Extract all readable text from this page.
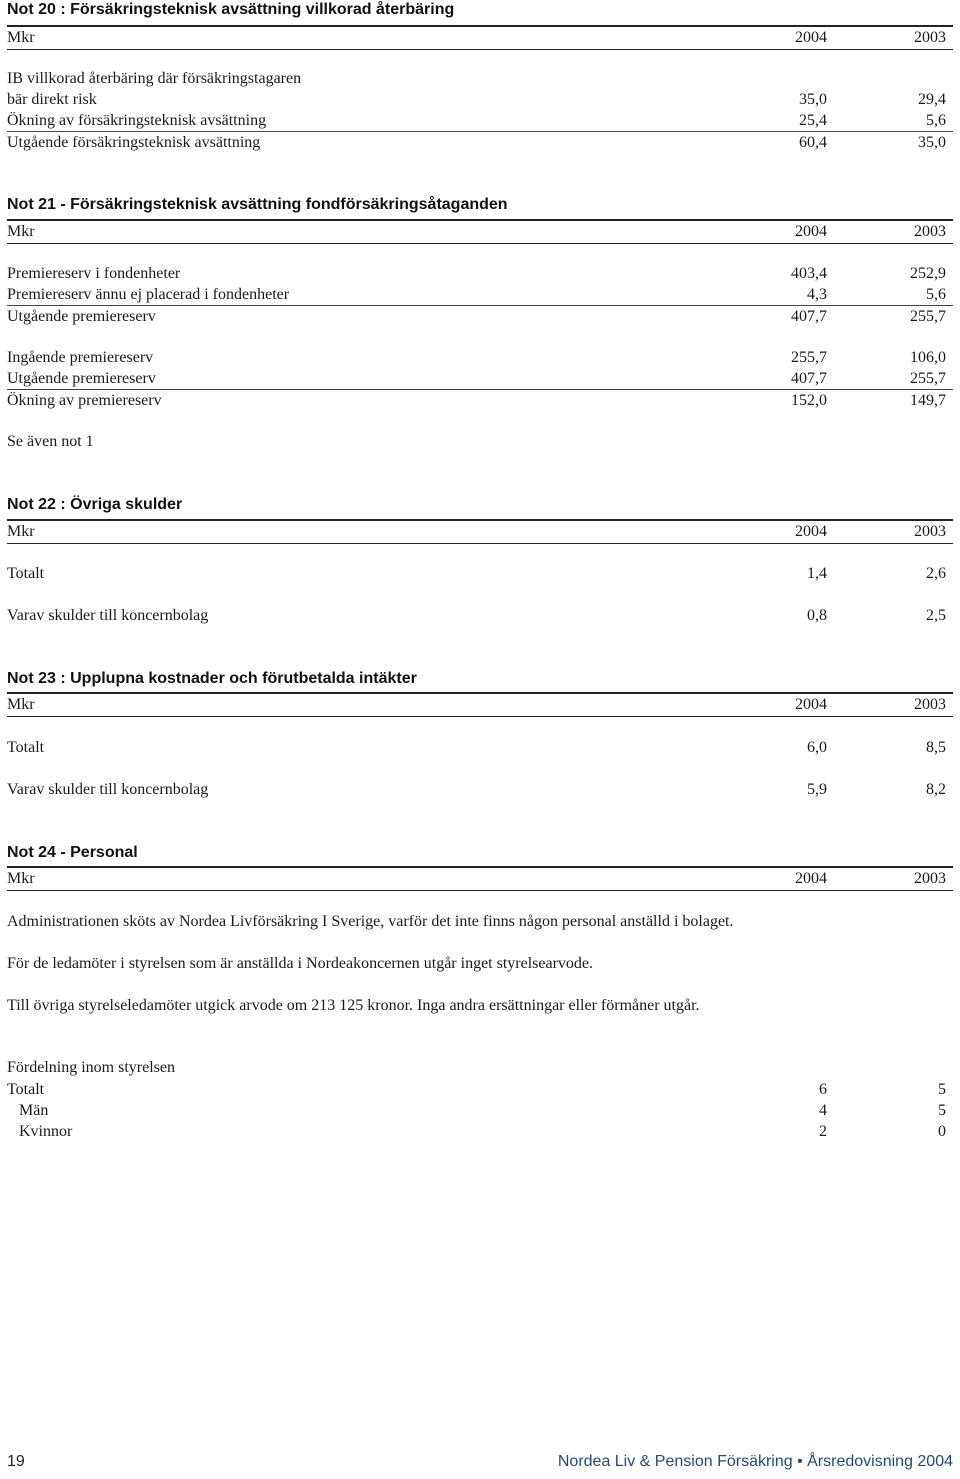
Not 20 : Försäkringsteknisk avsättning villkorad återbäring
Mkr	2004	2003
IB villkorad återbäring där försäkringstagaren
bär direkt risk	35,0	29,4
Ökning av försäkringsteknisk avsättning	25,4	5,6
Utgående försäkringsteknisk avsättning	60,4	35,0
Not 21 - Försäkringsteknisk avsättning fondförsäkringsåtaganden
Mkr	2004	2003
Premiereserv i fondenheter	403,4	252,9
Premiereserv ännu ej placerad i fondenheter	4,3	5,6
Utgående premiereserv	407,7	255,7
Ingående premiereserv	255,7	106,0
Utgående premiereserv	407,7	255,7
Ökning av premiereserv	152,0	149,7
Se även not 1
Not 22 : Övriga skulder
Mkr	2004	2003
Totalt	1,4	2,6
Varav skulder till koncernbolag	0,8	2,5
Not 23 : Upplupna kostnader och förutbetalda intäkter
Mkr	2004	2003
Totalt	6,0	8,5
Varav skulder till koncernbolag	5,9	8,2
Not 24 - Personal
Mkr	2004	2003
Administrationen sköts av Nordea Livförsäkring I Sverige, varför det inte finns någon personal anställd i bolaget.
För de ledamöter i styrelsen som är anställda i Nordeakoncernen utgår inget styrelsearvode.
Till övriga styrelseledamöter utgick arvode om 213 125 kronor. Inga andra ersättningar eller förmåner utgår.
Fördelning inom styrelsen
Totalt	6	5
Män	4	5
Kvinnor	2	0
19	Nordea Liv & Pension Försäkring • Årsredovisning 2004
